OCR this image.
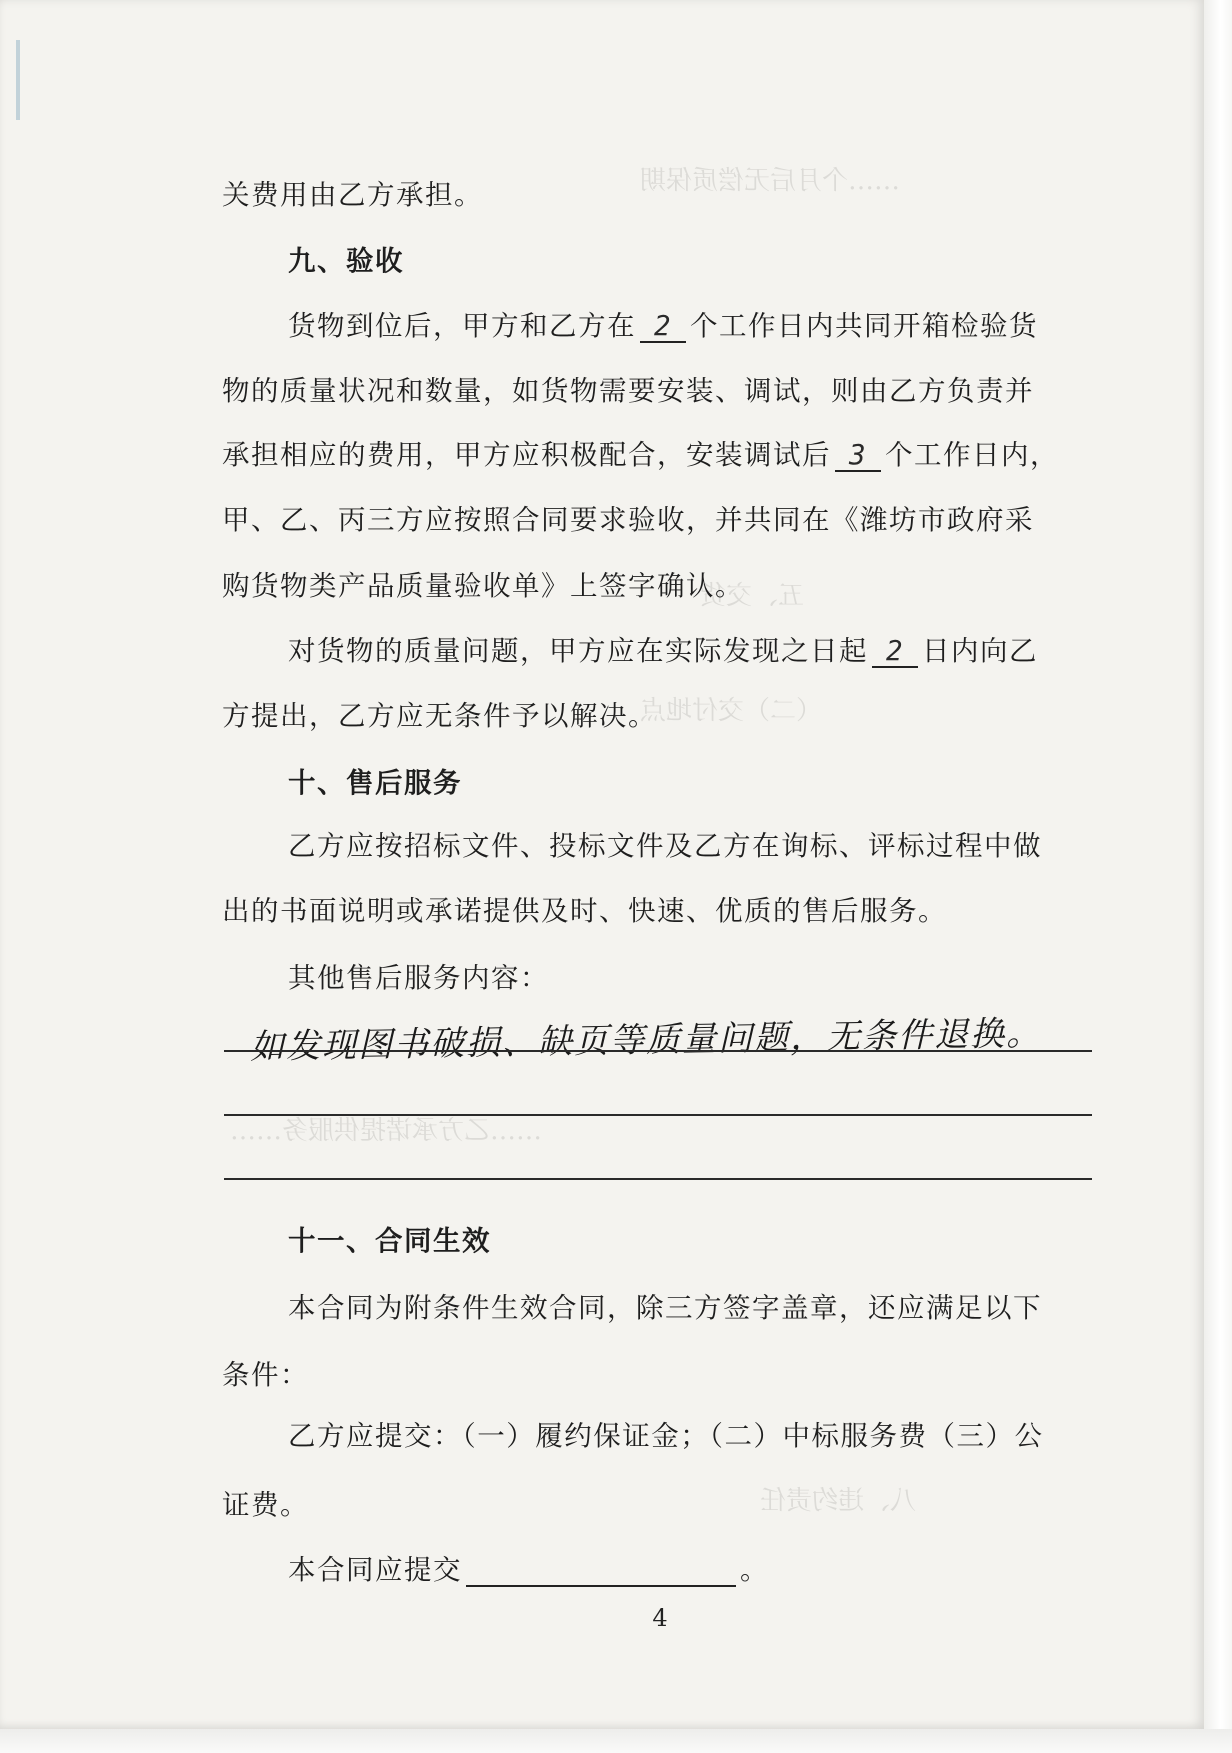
……个月后无偿质保期
五、交货
（二）交付地点
……乙方承诺提供服务……
八、违约责任
关费用由乙方承担。
九、验收
货物到位后，甲方和乙方在 2 个工作日内共同开箱检验货
物的质量状况和数量，如货物需要安装、调试，则由乙方负责并
承担相应的费用，甲方应积极配合，安装调试后 3 个工作日内，
甲、乙、丙三方应按照合同要求验收，并共同在《潍坊市政府采
购货物类产品质量验收单》上签字确认。
对货物的质量问题，甲方应在实际发现之日起 2 日内向乙
方提出，乙方应无条件予以解决。
十、售后服务
乙方应按招标文件、投标文件及乙方在询标、评标过程中做
出的书面说明或承诺提供及时、快速、优质的售后服务。
其他售后服务内容：
如发现图书破损、缺页等质量问题，无条件退换。
十一、合同生效
本合同为附条件生效合同，除三方签字盖章，还应满足以下
条件：
乙方应提交：（一）履约保证金；（二）中标服务费（三）公
证费。
本合同应提交	。
4
